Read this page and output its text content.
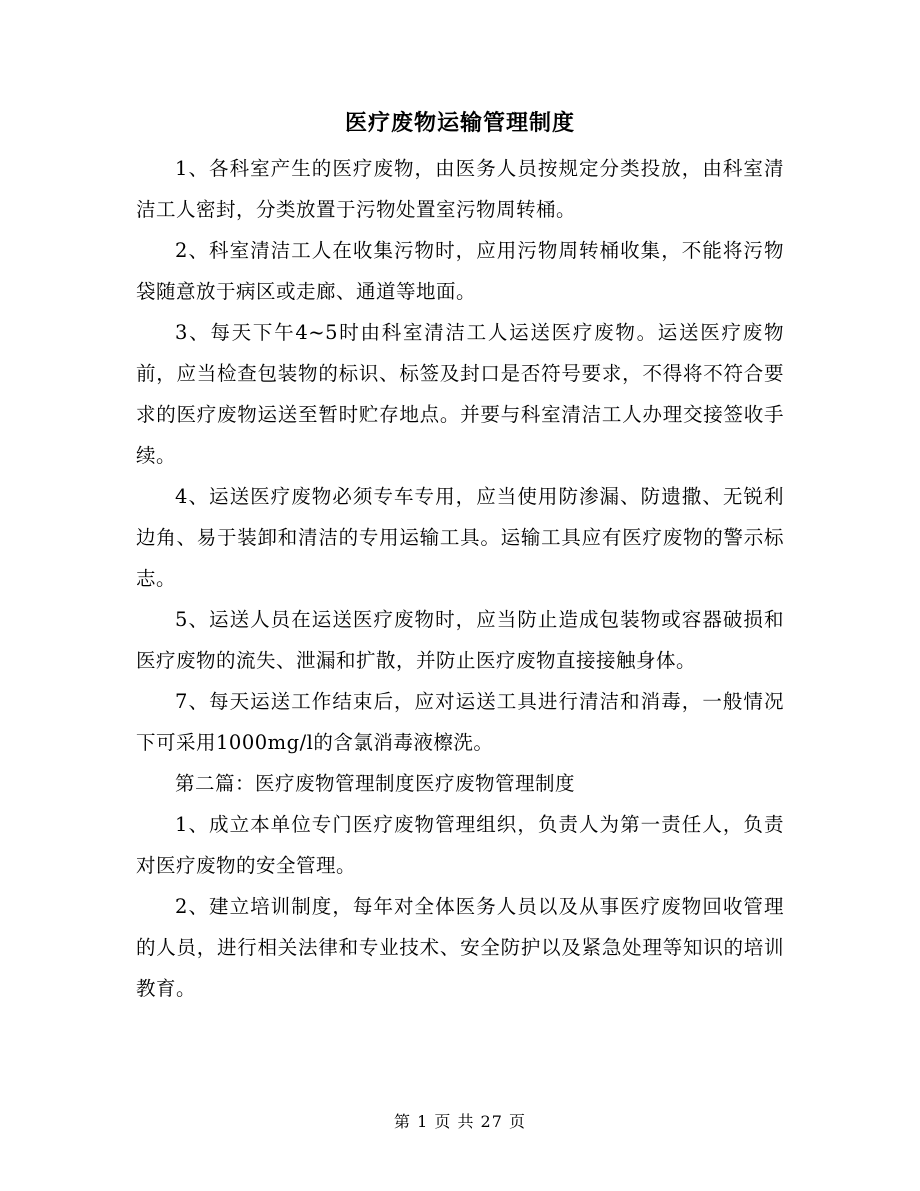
医疗废物运输管理制度

1、各科室产生的医疗废物，由医务人员按规定分类投放，由科室清洁工人密封，分类放置于污物处置室污物周转桶。

2、科室清洁工人在收集污物时，应用污物周转桶收集，不能将污物袋随意放于病区或走廊、通道等地面。

3、每天下午4~5时由科室清洁工人运送医疗废物。运送医疗废物前，应当检查包装物的标识、标签及封口是否符号要求，不得将不符合要求的医疗废物运送至暂时贮存地点。并要与科室清洁工人办理交接签收手续。

4、运送医疗废物必须专车专用，应当使用防渗漏、防遗撒、无锐利边角、易于装卸和清洁的专用运输工具。运输工具应有医疗废物的警示标志。

5、运送人员在运送医疗废物时，应当防止造成包装物或容器破损和医疗废物的流失、泄漏和扩散，并防止医疗废物直接接触身体。

7、每天运送工作结束后，应对运送工具进行清洁和消毒，一般情况下可采用1000mg/l的含氯消毒液檫洗。

第二篇：医疗废物管理制度医疗废物管理制度

1、成立本单位专门医疗废物管理组织，负责人为第一责任人，负责对医疗废物的安全管理。

2、建立培训制度，每年对全体医务人员以及从事医疗废物回收管理的人员，进行相关法律和专业技术、安全防护以及紧急处理等知识的培训教育。

第 1 页 共 27 页
